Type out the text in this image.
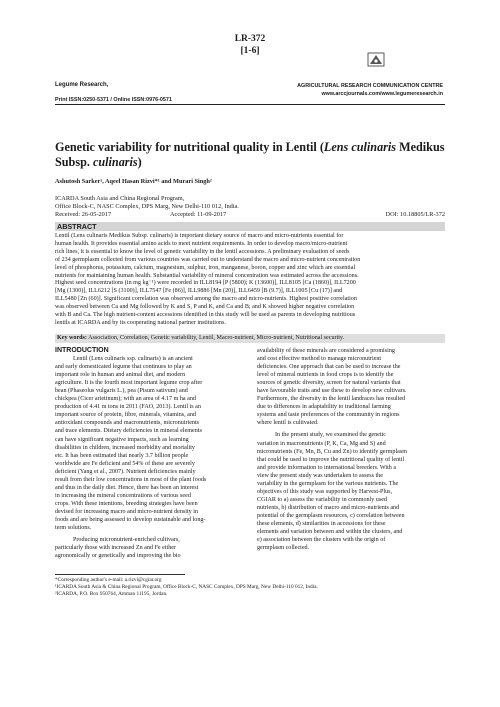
LR-372
[1-6]
Legume Research,
Print ISSN:0250-5371 / Online ISSN:0976-0571
AGRICULTURAL RESEARCH COMMUNICATION CENTRE
www.arccjournals.com/www.legumeresearch.in
Genetic variability for nutritional quality in Lentil (Lens culinaris Medikus Subsp. culinaris)
Ashutosh Sarker¹, Aqeel Hasan Rizvi*¹ and Murari Singh²
ICARDA South Asia and China Regional Program,
Office Block-C, NASC Complex, DPS Marg, New Delhi-110 012, India.
Received: 26-05-2017	Accepted: 11-09-2017	DOI: 10.18805/LR-372
ABSTRACT
Lentil (Lens culinaris Medikus Subsp. culinaris) is important dietary source of macro and micro-nutrients essential for
human health. It provides essential amino acids to meet nutrient requirements. In order to develop macro/micro-nutrient
rich lines, it is essential to know the level of genetic variability in the lentil accessions. A preliminary evaluation of seeds
of 234 germplasm collected from various countries was carried out to understand the macro and micro-nutrient concentration
level of phosphorus, potassium, calcium, magnesium, sulphur, iron, manganese, boron, copper and zinc which are essential
nutrients for maintaining human health. Substantial variability of mineral concentration was estimated across the accessions.
Highest seed concentrations (in mg kg⁻¹) were recorded in ILL8194 [P (5800); K (13600)], ILL8105 [Ca (1860)], ILL7200
[Mg (1300)], ILL6212 [S (3100)], ILL7547 [Fe (86)], ILL9886 [Mn (20)], ILL6459 [B (9.7)], ILL1005 [Cu (17)] and
ILL5480 [Zn (60)]. Significant correlation was observed among the macro and micro-nutrients. Highest positive correlation
was observed between Ca and Mg followed by K and S, P and K, and Ca and B; and K showed higher negative correlation
with B and Ca. The high nutrient-content accessions identified in this study will be used as parents in developing nutritious
lentils at ICARDA and by its cooperating national partner institutions.
Key words: Association, Correlation, Genetic variability, Lentil, Macro-nutrient, Micro-nutrient, Nutritional security.
INTRODUCTION
Lentil (Lens culinaris ssp. culinaris) is an ancient
and early domesticated legume that continues to play an
important role in human and animal diet, and modern
agriculture. It is the fourth most important legume crop after
bean (Phaseolus vulgaris L.), pea (Pisum sativum) and
chickpea (Cicer arietinum); with an area of 4.17 m ha and
production of 4.41 m tons in 2011 (FAO, 2013). Lentil is an
important source of protein, fibre, minerals, vitamins, and
antioxidant compounds and macronutrients, micronutrients
and trace elements. Dietary deficiencies in mineral elements
can have significant negative impacts, such as learning
disabilities in children, increased morbidity and mortality
etc. It has been estimated that nearly 3.7 billion people
worldwide are Fe deficient and 54% of these are severely
deficient (Yang et al., 2007). Nutrient deficiencies mainly
result from their low concentrations in most of the plant foods
and thus in the daily diet. Hence, there has been an interest
in increasing the mineral concentrations of various seed
crops. With these intentions, breeding strategies have been
devised for increasing macro and micro-nutrient density in
foods and are being assessed to develop sustainable and long-
term solutions.

Producing micronutrient-enriched cultivars,
particularly those with increased Zn and Fe either
agronomically or genetically and improving the bio
availability of these minerals are considered a promising
and cost effective method to manage micronutrient
deficiencies. One approach that can be used to increase the
level of mineral nutrients in food crops is to identify the
sources of genetic diversity, screen for natural variants that
have favourable traits and use these to develop new cultivars.
Furthermore, the diversity in the lentil landraces has resulted
due to differences in adaptability to traditional farming
systems and taste preferences of the community in regions
where lentil is cultivated.

In the present study, we examined the genetic
variation in macronutrients (P, K, Ca, Mg and S) and
micronutrients (Fe, Mn, B, Cu and Zn) to identify germplasm
that could be used to improve the nutritional quality of lentil
and provide information to international breeders. With a
view the present study was undertaken to assess the
variability in the germplasm for the various nutrients. The
objectives of this study was supported by Harvest-Plus,
CGIAR to a) assess the variability in commonly used
nutrients, b) distribution of macro and micro-nutrients and
potential of the germplasm resources, c) correlation between
these elements, d) similarities in accessions for these
elements and variation between and within the clusters, and
e) association between the clusters with the origin of
germplasm collected.
*Corresponding author's e-mail: a.rizvi@cgiar.org
¹ICARDA South Asia & China Regional Program, Office Block-C, NASC Complex, DPS Marg, New Delhi-110 012, India.
²ICARDA, P.O. Box 950764, Amman 11195, Jordan.
